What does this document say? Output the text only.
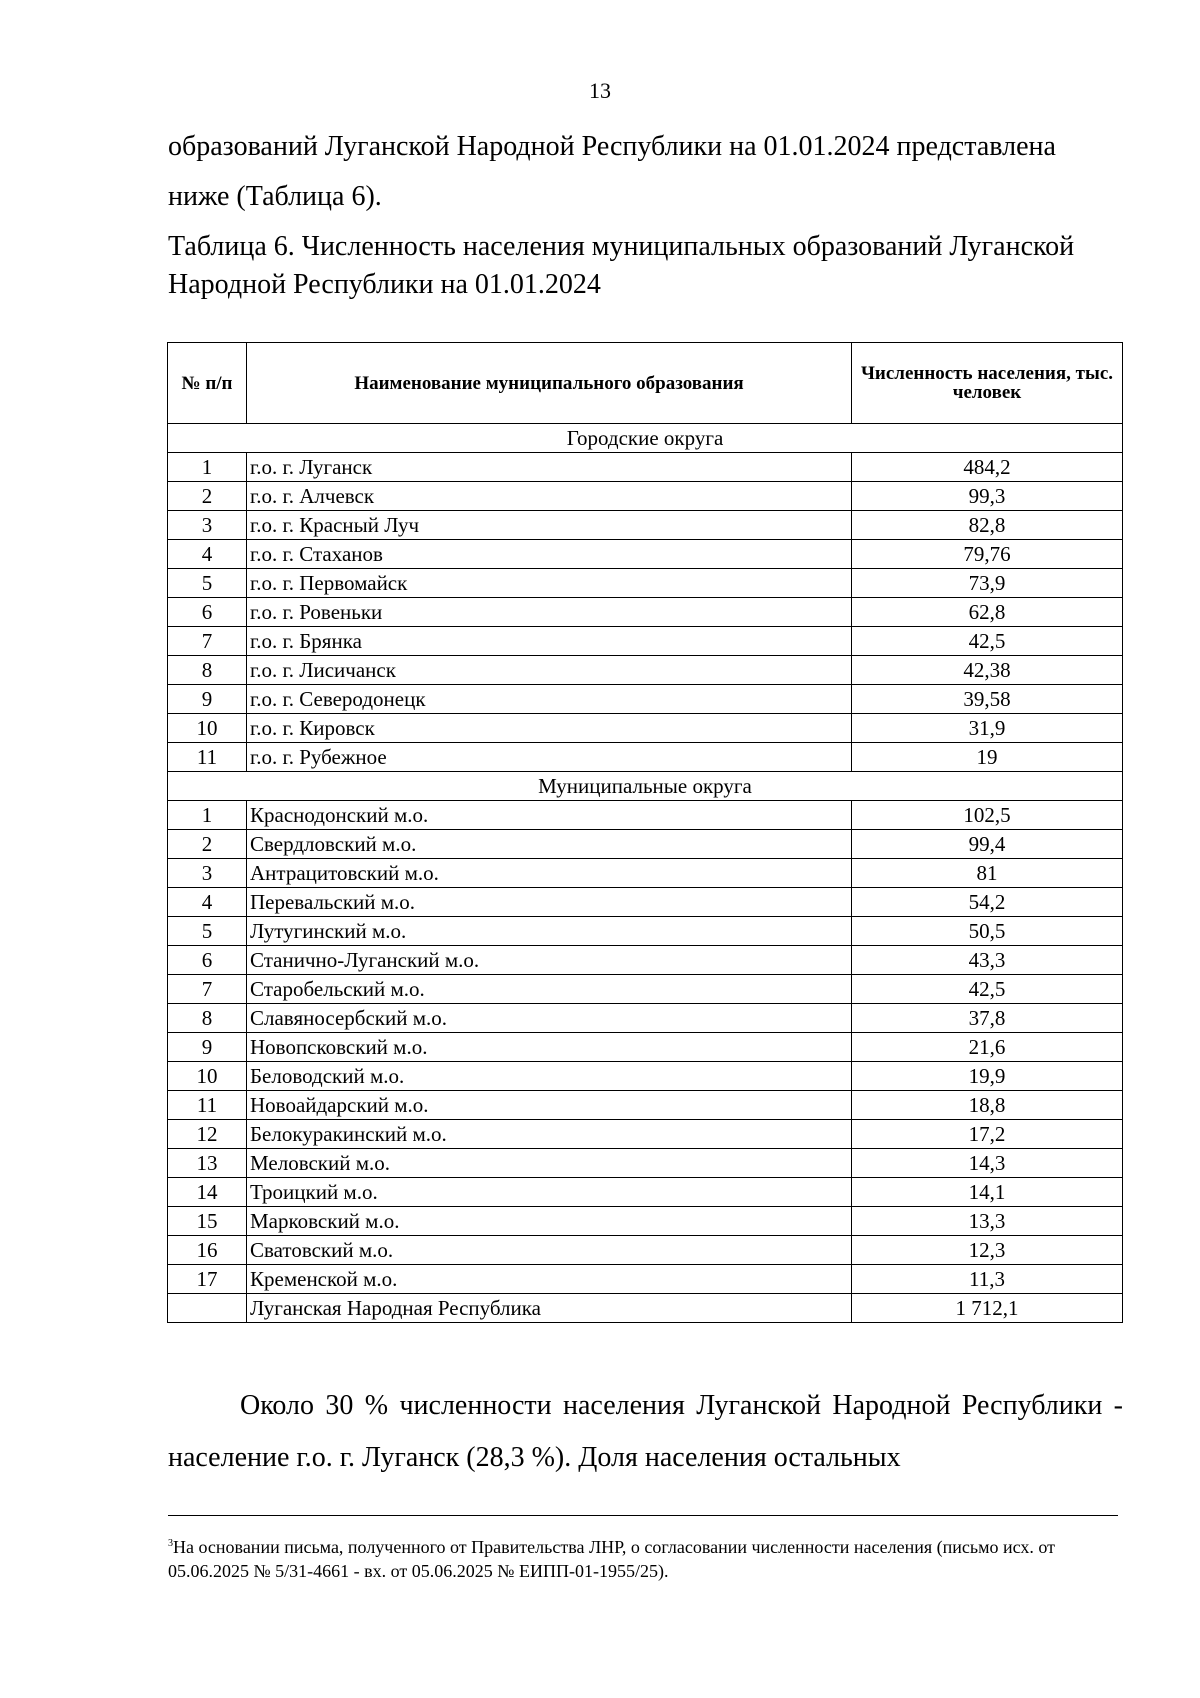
13

образований Луганской Народной Республики на 01.01.2024 представлена ниже (Таблица 6).

Таблица 6. Численность населения муниципальных образований Луганской Народной Республики на 01.01.2024

№ п/п	Наименование муниципального образования	Численность населения, тыс. человек
Городские округа		
1	г.о. г. Луганск	484,2
2	г.о. г. Алчевск	99,3
3	г.о. г. Красный Луч	82,8
4	г.о. г. Стаханов	79,76
5	г.о. г. Первомайск	73,9
6	г.о. г. Ровеньки	62,8
7	г.о. г. Брянка	42,5
8	г.о. г. Лисичанск	42,38
9	г.о. г. Северодонецк	39,58
10	г.о. г. Кировск	31,9
11	г.о. г. Рубежное	19
Муниципальные округа		
1	Краснодонский м.о.	102,5
2	Свердловский м.о.	99,4
3	Антрацитовский м.о.	81
4	Перевальский м.о.	54,2
5	Лутугинский м.о.	50,5
6	Станично-Луганский м.о.	43,3
7	Старобельский м.о.	42,5
8	Славяносербский м.о.	37,8
9	Новопсковский м.о.	21,6
10	Беловодский м.о.	19,9
11	Новоайдарский м.о.	18,8
12	Белокуракинский м.о.	17,2
13	Меловский м.о.	14,3
14	Троицкий м.о.	14,1
15	Марковский м.о.	13,3
16	Сватовский м.о.	12,3
17	Кременской м.о.	11,3
	Луганская Народная Республика	1 712,1

Около 30 % численности населения Луганской Народной Республики - население г.о. г. Луганск (28,3 %). Доля населения остальных

$^3$На основании письма, полученного от Правительства ЛНР, о согласовании численности населения (письмо исх. от 05.06.2025 № 5/31-4661 - вх. от 05.06.2025 № ЕИПП-01-1955/25).
